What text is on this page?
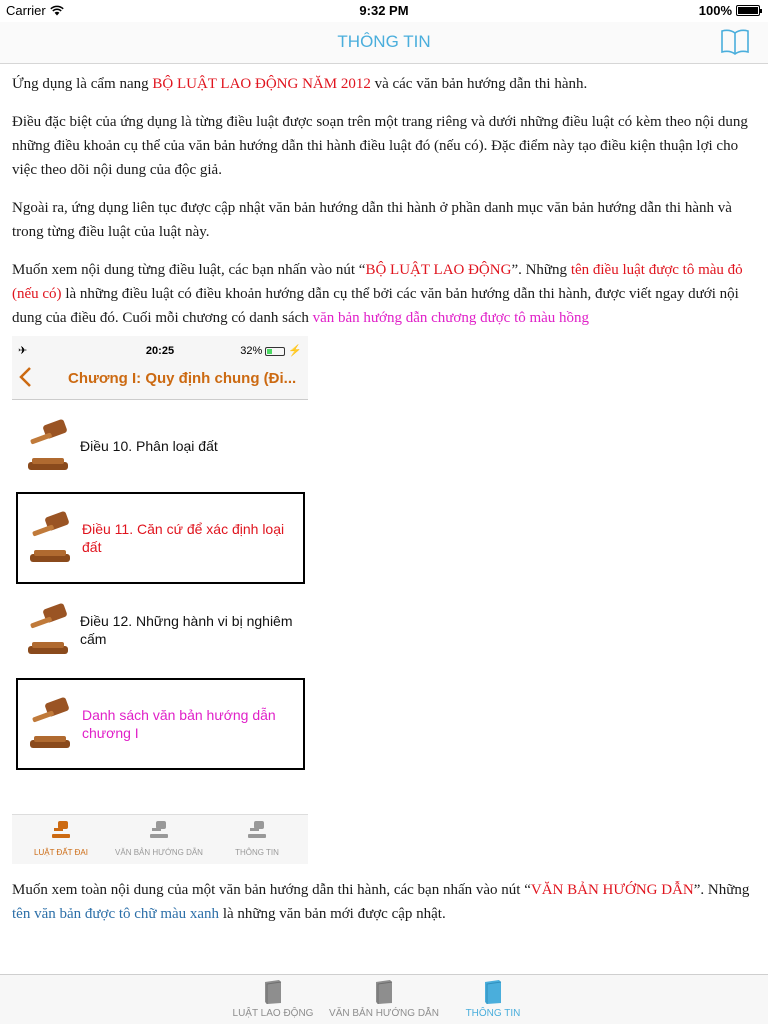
Carrier	9:32 PM	100%
THÔNG TIN

Ứng dụng là cẩm nang BỘ LUẬT LAO ĐỘNG NĂM 2012 và các văn bản hướng dẫn thi hành.

Điều đặc biệt của ứng dụng là từng điều luật được soạn trên một trang riêng và dưới những điều luật có kèm theo nội dung những điều khoản cụ thể của văn bản hướng dẫn thi hành điều luật đó (nếu có). Đặc điểm này tạo điều kiện thuận lợi cho việc theo dõi nội dung của độc giả.

Ngoài ra, ứng dụng liên tục được cập nhật văn bản hướng dẫn thi hành ở phần danh mục văn bản hướng dẫn thi hành và trong từng điều luật của luật này.

Muốn xem nội dung từng điều luật, các bạn nhấn vào nút “BỘ LUẬT LAO ĐỘNG”. Những tên điều luật được tô màu đỏ (nếu có) là những điều luật có điều khoản hướng dẫn cụ thể bởi các văn bản hướng dẫn thi hành, được viết ngay dưới nội dung của điều đó. Cuối mỗi chương có danh sách văn bản hướng dẫn chương được tô màu hồng

✈	20:25	32% ⚡
Chương I: Quy định chung (Đi...
Điều 10. Phân loại đất
Điều 11. Căn cứ để xác định loại đất
Điều 12. Những hành vi bị nghiêm cấm
Danh sách văn bản hướng dẫn chương I
LUẬT ĐẤT ĐAI	VĂN BẢN HƯỚNG DẪN	THÔNG TIN

Muốn xem toàn nội dung của một văn bản hướng dẫn thi hành, các bạn nhấn vào nút “VĂN BẢN HƯỚNG DẪN”. Những tên văn bản được tô chữ màu xanh là những văn bản mới được cập nhật.

LUẬT LAO ĐỘNG	VĂN BẢN HƯỚNG DẪN	THÔNG TIN
